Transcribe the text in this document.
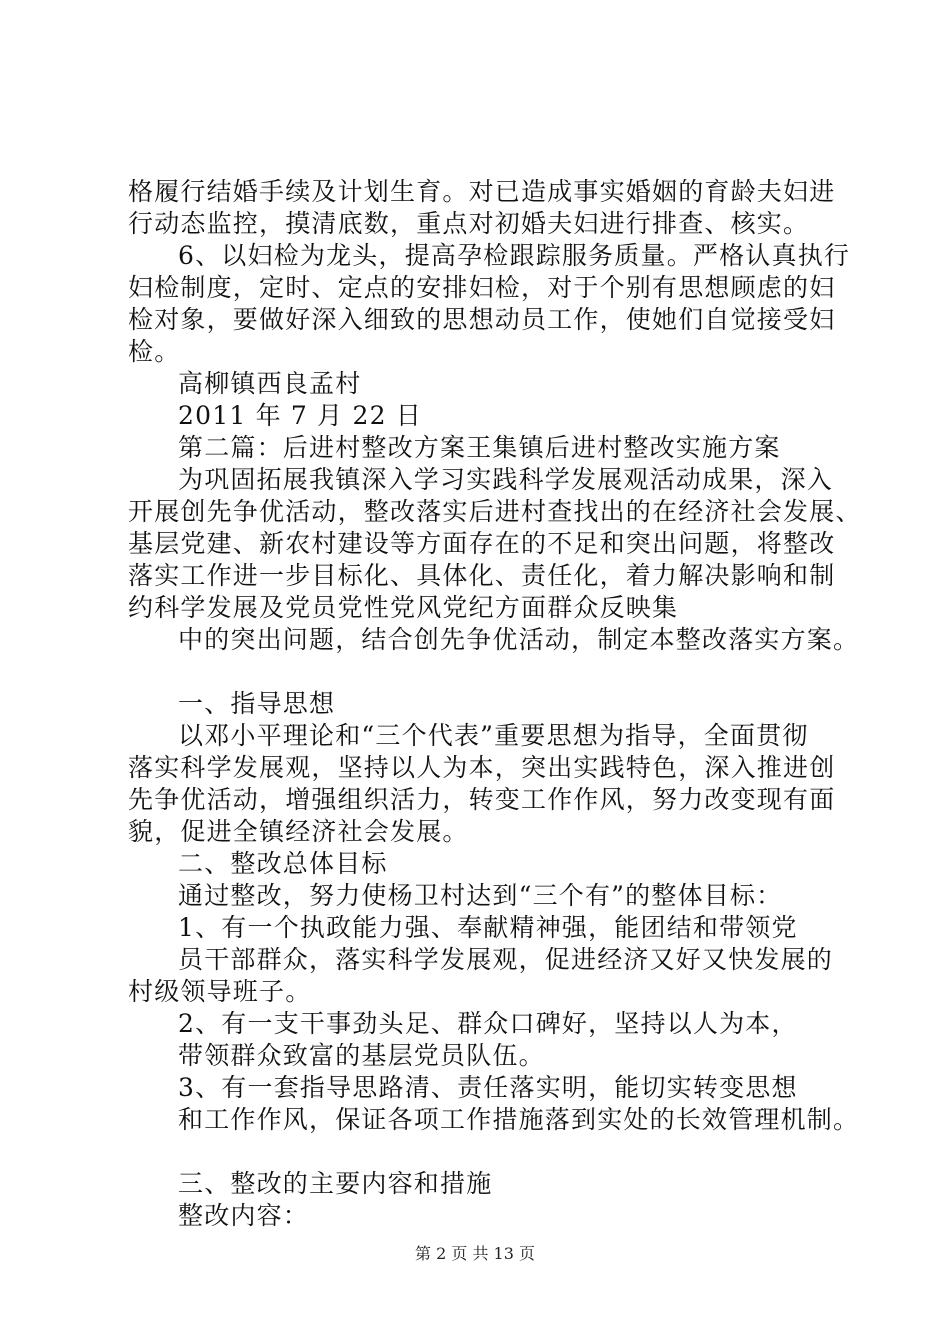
格履行结婚手续及计划生育。对已造成事实婚姻的育龄夫妇进
行动态监控，摸清底数，重点对初婚夫妇进行排查、核实。
6、以妇检为龙头，提高孕检跟踪服务质量。严格认真执行
妇检制度，定时、定点的安排妇检，对于个别有思想顾虑的妇
检对象，要做好深入细致的思想动员工作，使她们自觉接受妇
检。
高柳镇西良孟村
2011 年 7 月 22 日
第二篇：后进村整改方案王集镇后进村整改实施方案
为巩固拓展我镇深入学习实践科学发展观活动成果，深入
开展创先争优活动，整改落实后进村查找出的在经济社会发展、
基层党建、新农村建设等方面存在的不足和突出问题，将整改
落实工作进一步目标化、具体化、责任化，着力解决影响和制
约科学发展及党员党性党风党纪方面群众反映集
中的突出问题，结合创先争优活动，制定本整改落实方案。
一、指导思想
以邓小平理论和“三个代表”重要思想为指导，全面贯彻
落实科学发展观，坚持以人为本，突出实践特色，深入推进创
先争优活动，增强组织活力，转变工作作风，努力改变现有面
貌，促进全镇经济社会发展。
二、整改总体目标
通过整改，努力使杨卫村达到“三个有”的整体目标：
1、有一个执政能力强、奉献精神强，能团结和带领党
员干部群众，落实科学发展观，促进经济又好又快发展的
村级领导班子。
2、有一支干事劲头足、群众口碑好，坚持以人为本，
带领群众致富的基层党员队伍。
3、有一套指导思路清、责任落实明，能切实转变思想
和工作作风，保证各项工作措施落到实处的长效管理机制。
三、整改的主要内容和措施
整改内容：
第 2 页 共 13 页
